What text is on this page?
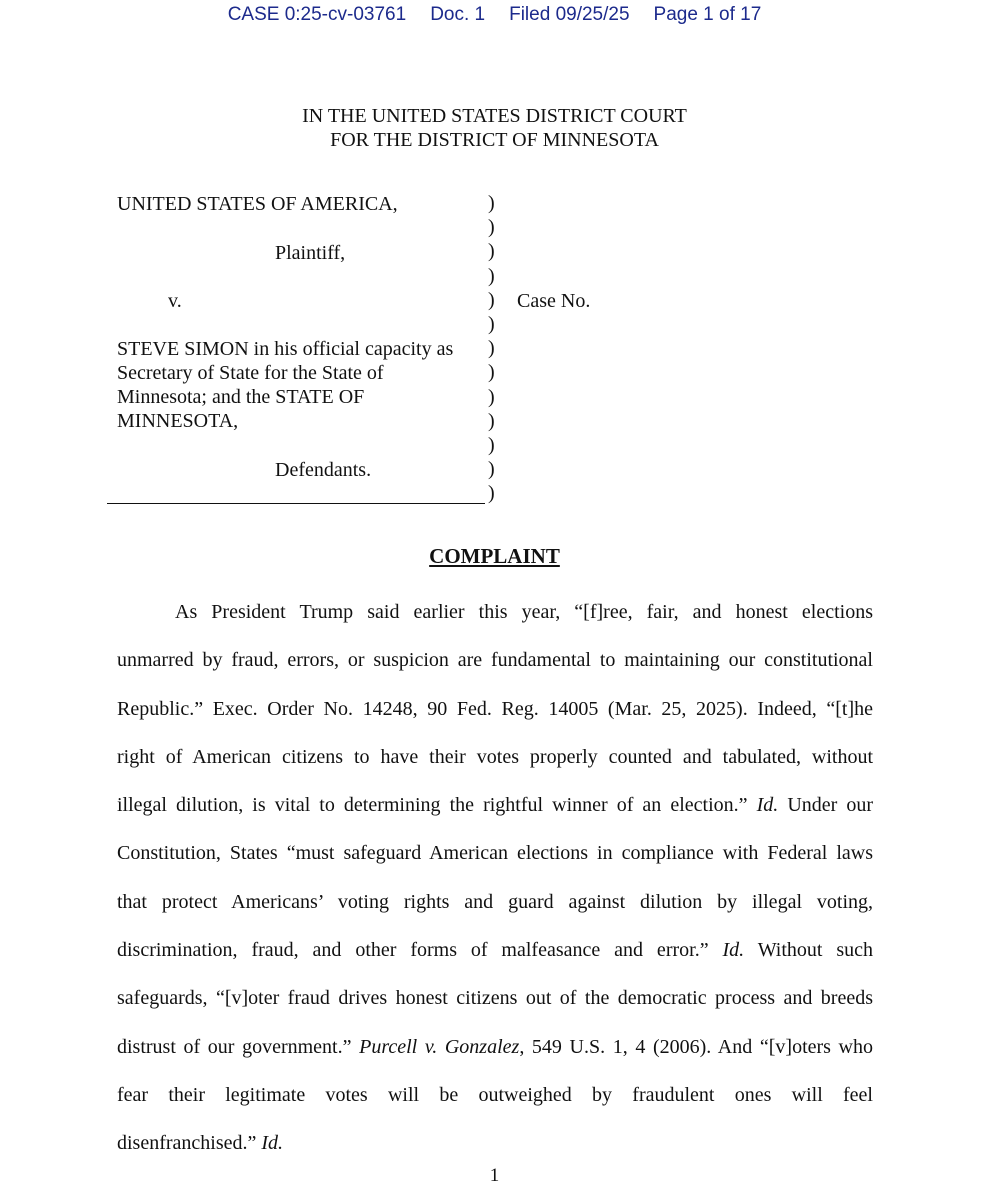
CASE 0:25-cv-03761 Doc. 1 Filed 09/25/25 Page 1 of 17
IN THE UNITED STATES DISTRICT COURT
FOR THE DISTRICT OF MINNESOTA
UNITED STATES OF AMERICA,
Plaintiff,
v.
STEVE SIMON in his official capacity as
Secretary of State for the State of
Minnesota; and the STATE OF
MINNESOTA,
Defendants.
Case No.
)
)
)
)
)
)
)
)
)
)
)
)
)
COMPLAINT
As President Trump said earlier this year, “[f]ree, fair, and honest elections
unmarred by fraud, errors, or suspicion are fundamental to maintaining our constitutional
Republic.” Exec. Order No. 14248, 90 Fed. Reg. 14005 (Mar. 25, 2025). Indeed, “[t]he
right of American citizens to have their votes properly counted and tabulated, without
illegal dilution, is vital to determining the rightful winner of an election.” Id. Under our
Constitution, States “must safeguard American elections in compliance with Federal laws
that protect Americans’ voting rights and guard against dilution by illegal voting,
discrimination, fraud, and other forms of malfeasance and error.” Id. Without such
safeguards, “[v]oter fraud drives honest citizens out of the democratic process and breeds
distrust of our government.” Purcell v. Gonzalez, 549 U.S. 1, 4 (2006). And “[v]oters who
fear their legitimate votes will be outweighed by fraudulent ones will feel
disenfranchised.” Id.
1
